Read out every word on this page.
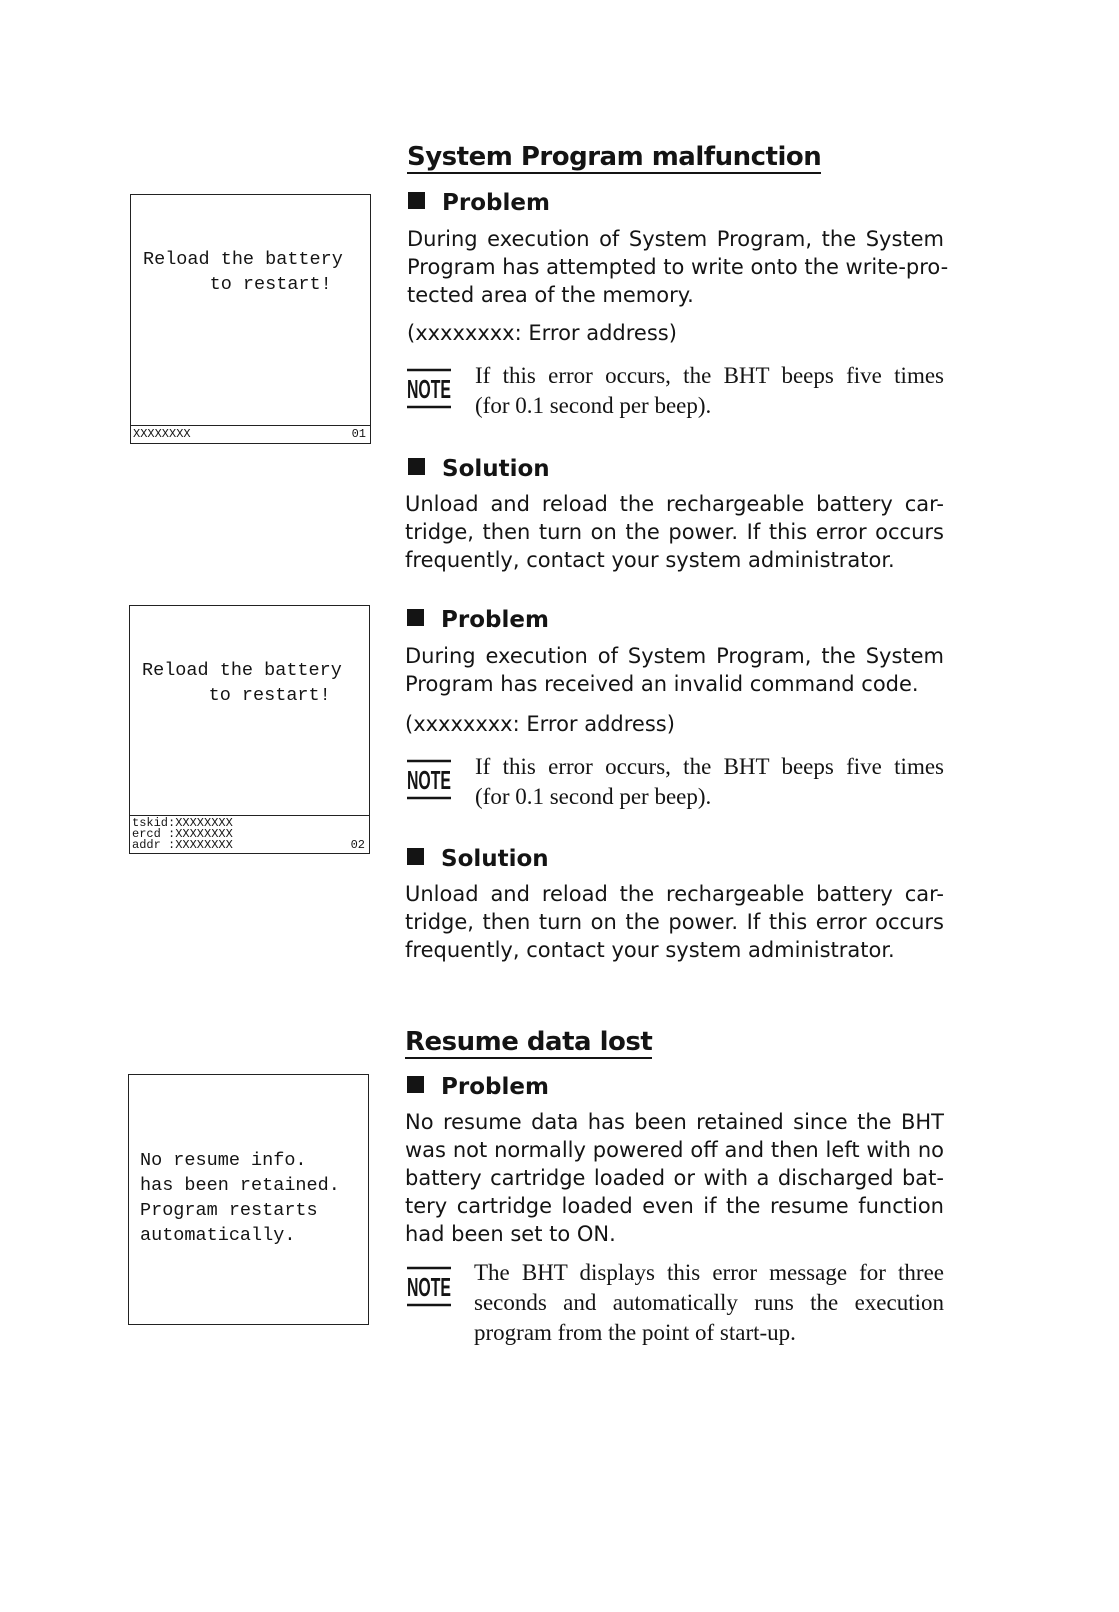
Reload the battery
to restart!
XXXXXXXX	01
Reload the battery
to restart!
tskid:XXXXXXXX
ercd :XXXXXXXX
addr :XXXXXXXX	02
No resume info.
has been retained.
Program restarts
automatically.
System Program malfunction
Problem
During execution of System Program, the System
Program has attempted to write onto the write-pro-
tected area of the memory.
(xxxxxxxx: Error address)
NOTE If this error occurs, the BHT beeps five times
(for 0.1 second per beep).
Solution
Unload and reload the rechargeable battery car-
tridge, then turn on the power. If this error occurs
frequently, contact your system administrator.
Problem
During execution of System Program, the System
Program has received an invalid command code.
(xxxxxxxx: Error address)
NOTE If this error occurs, the BHT beeps five times
(for 0.1 second per beep).
Solution
Unload and reload the rechargeable battery car-
tridge, then turn on the power. If this error occurs
frequently, contact your system administrator.
Resume data lost
Problem
No resume data has been retained since the BHT
was not normally powered off and then left with no
battery cartridge loaded or with a discharged bat-
tery cartridge loaded even if the resume function
had been set to ON.
NOTE The BHT displays this error message for three
seconds and automatically runs the execution
program from the point of start-up.
